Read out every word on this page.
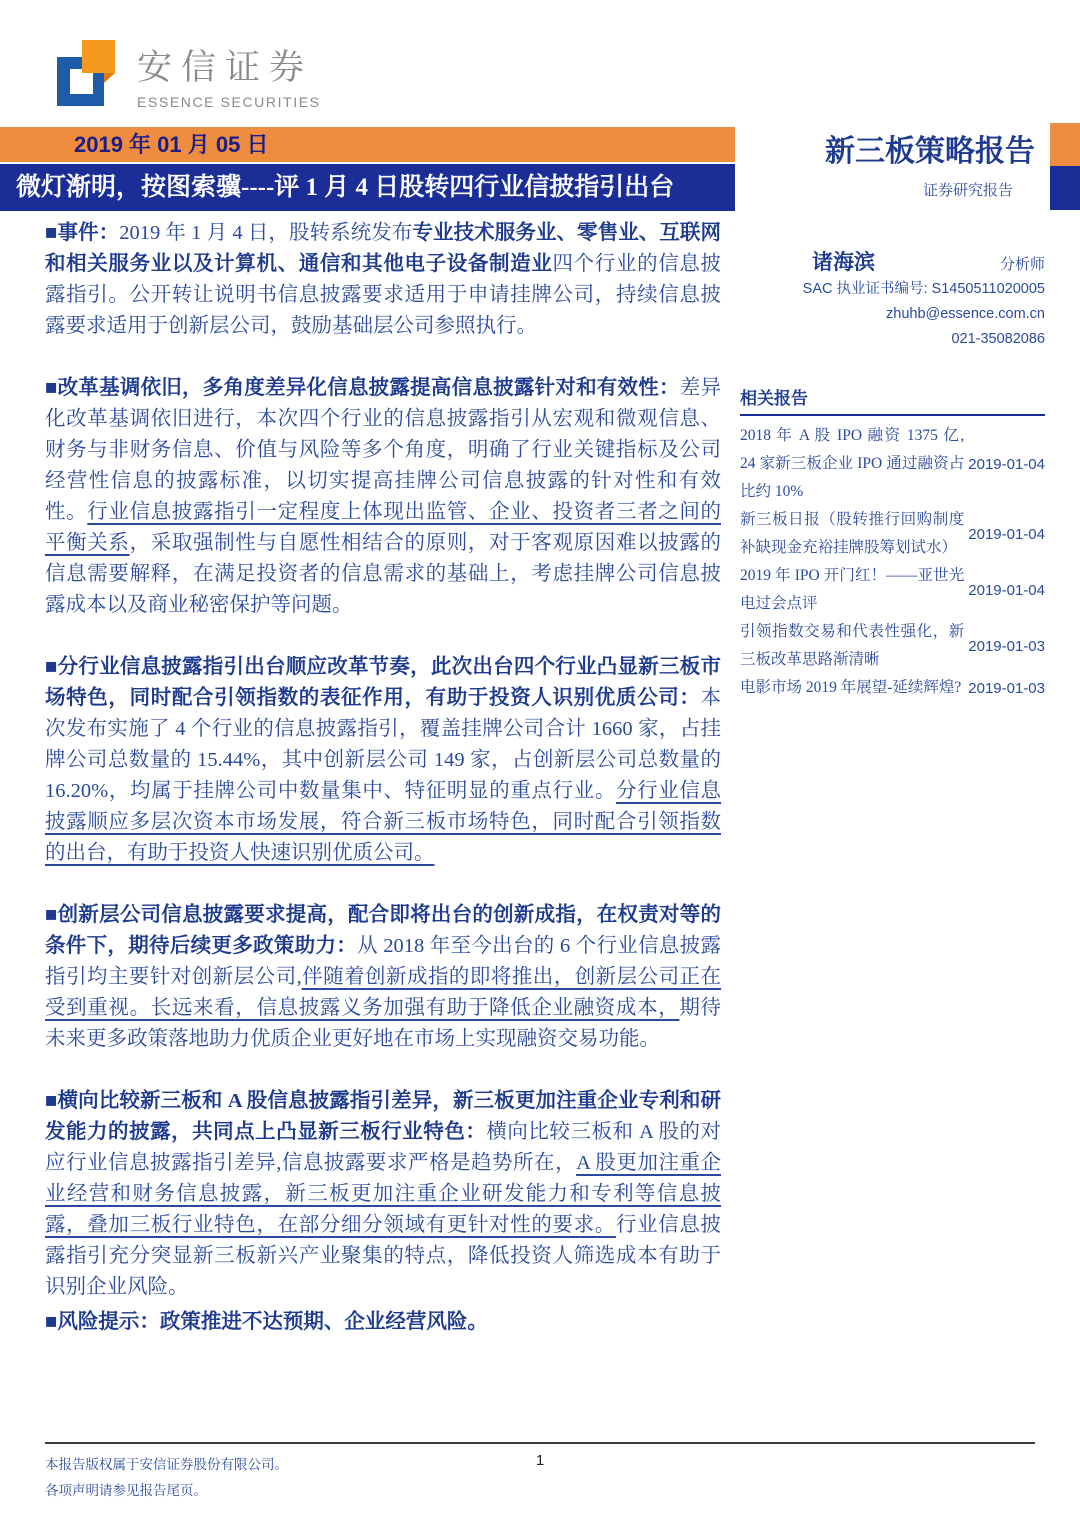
安信证券
ESSENCE SECURITIES
2019 年 01 月 05 日
微灯渐明，按图索骥----评 1 月 4 日股转四行业信披指引出台

■事件：2019 年 1 月 4 日，股转系统发布专业技术服务业、零售业、互联网和相关服务业以及计算机、通信和其他电子设备制造业四个行业的信息披露指引。公开转让说明书信息披露要求适用于申请挂牌公司，持续信息披露要求适用于创新层公司，鼓励基础层公司参照执行。

■改革基调依旧，多角度差异化信息披露提高信息披露针对和有效性：差异化改革基调依旧进行，本次四个行业的信息披露指引从宏观和微观信息、财务与非财务信息、价值与风险等多个角度，明确了行业关键指标及公司经营性信息的披露标准，以切实提高挂牌公司信息披露的针对性和有效性。行业信息披露指引一定程度上体现出监管、企业、投资者三者之间的平衡关系，采取强制性与自愿性相结合的原则，对于客观原因难以披露的信息需要解释，在满足投资者的信息需求的基础上，考虑挂牌公司信息披露成本以及商业秘密保护等问题。

■分行业信息披露指引出台顺应改革节奏，此次出台四个行业凸显新三板市场特色，同时配合引领指数的表征作用，有助于投资人识别优质公司：本次发布实施了 4 个行业的信息披露指引，覆盖挂牌公司合计 1660 家，占挂牌公司总数量的 15.44%，其中创新层公司 149 家，占创新层公司总数量的 16.20%，均属于挂牌公司中数量集中、特征明显的重点行业。分行业信息披露顺应多层次资本市场发展，符合新三板市场特色，同时配合引领指数的出台，有助于投资人快速识别优质公司。

■创新层公司信息披露要求提高，配合即将出台的创新成指，在权责对等的条件下，期待后续更多政策助力：从 2018 年至今出台的 6 个行业信息披露指引均主要针对创新层公司,伴随着创新成指的即将推出，创新层公司正在受到重视。长远来看，信息披露义务加强有助于降低企业融资成本，期待未来更多政策落地助力优质企业更好地在市场上实现融资交易功能。

■横向比较新三板和 A 股信息披露指引差异，新三板更加注重企业专利和研发能力的披露，共同点上凸显新三板行业特色：横向比较三板和 A 股的对应行业信息披露指引差异,信息披露要求严格是趋势所在，A 股更加注重企业经营和财务信息披露，新三板更加注重企业研发能力和专利等信息披露，叠加三板行业特色，在部分细分领域有更针对性的要求。行业信息披露指引充分突显新三板新兴产业聚集的特点，降低投资人筛选成本有助于识别企业风险。

■风险提示：政策推进不达预期、企业经营风险。

新三板策略报告
证券研究报告
诸海滨	分析师
SAC 执业证书编号: S1450511020005
zhuhb@essence.com.cn
021-35082086
相关报告
2018 年 A 股 IPO 融资 1375 亿, 24 家新三板企业 IPO 通过融资占比约 10%
2019-01-04
新三板日报（股转推行回购制度补缺现金充裕挂牌股筹划试水）
2019-01-04
2019 年 IPO 开门红！——亚世光电过会点评
2019-01-04
引领指数交易和代表性强化，新三板改革思路渐清晰
2019-01-03
电影市场 2019 年展望-延续辉煌? 2019-01-03
本报告版权属于安信证券股份有限公司。
各项声明请参见报告尾页。
1
